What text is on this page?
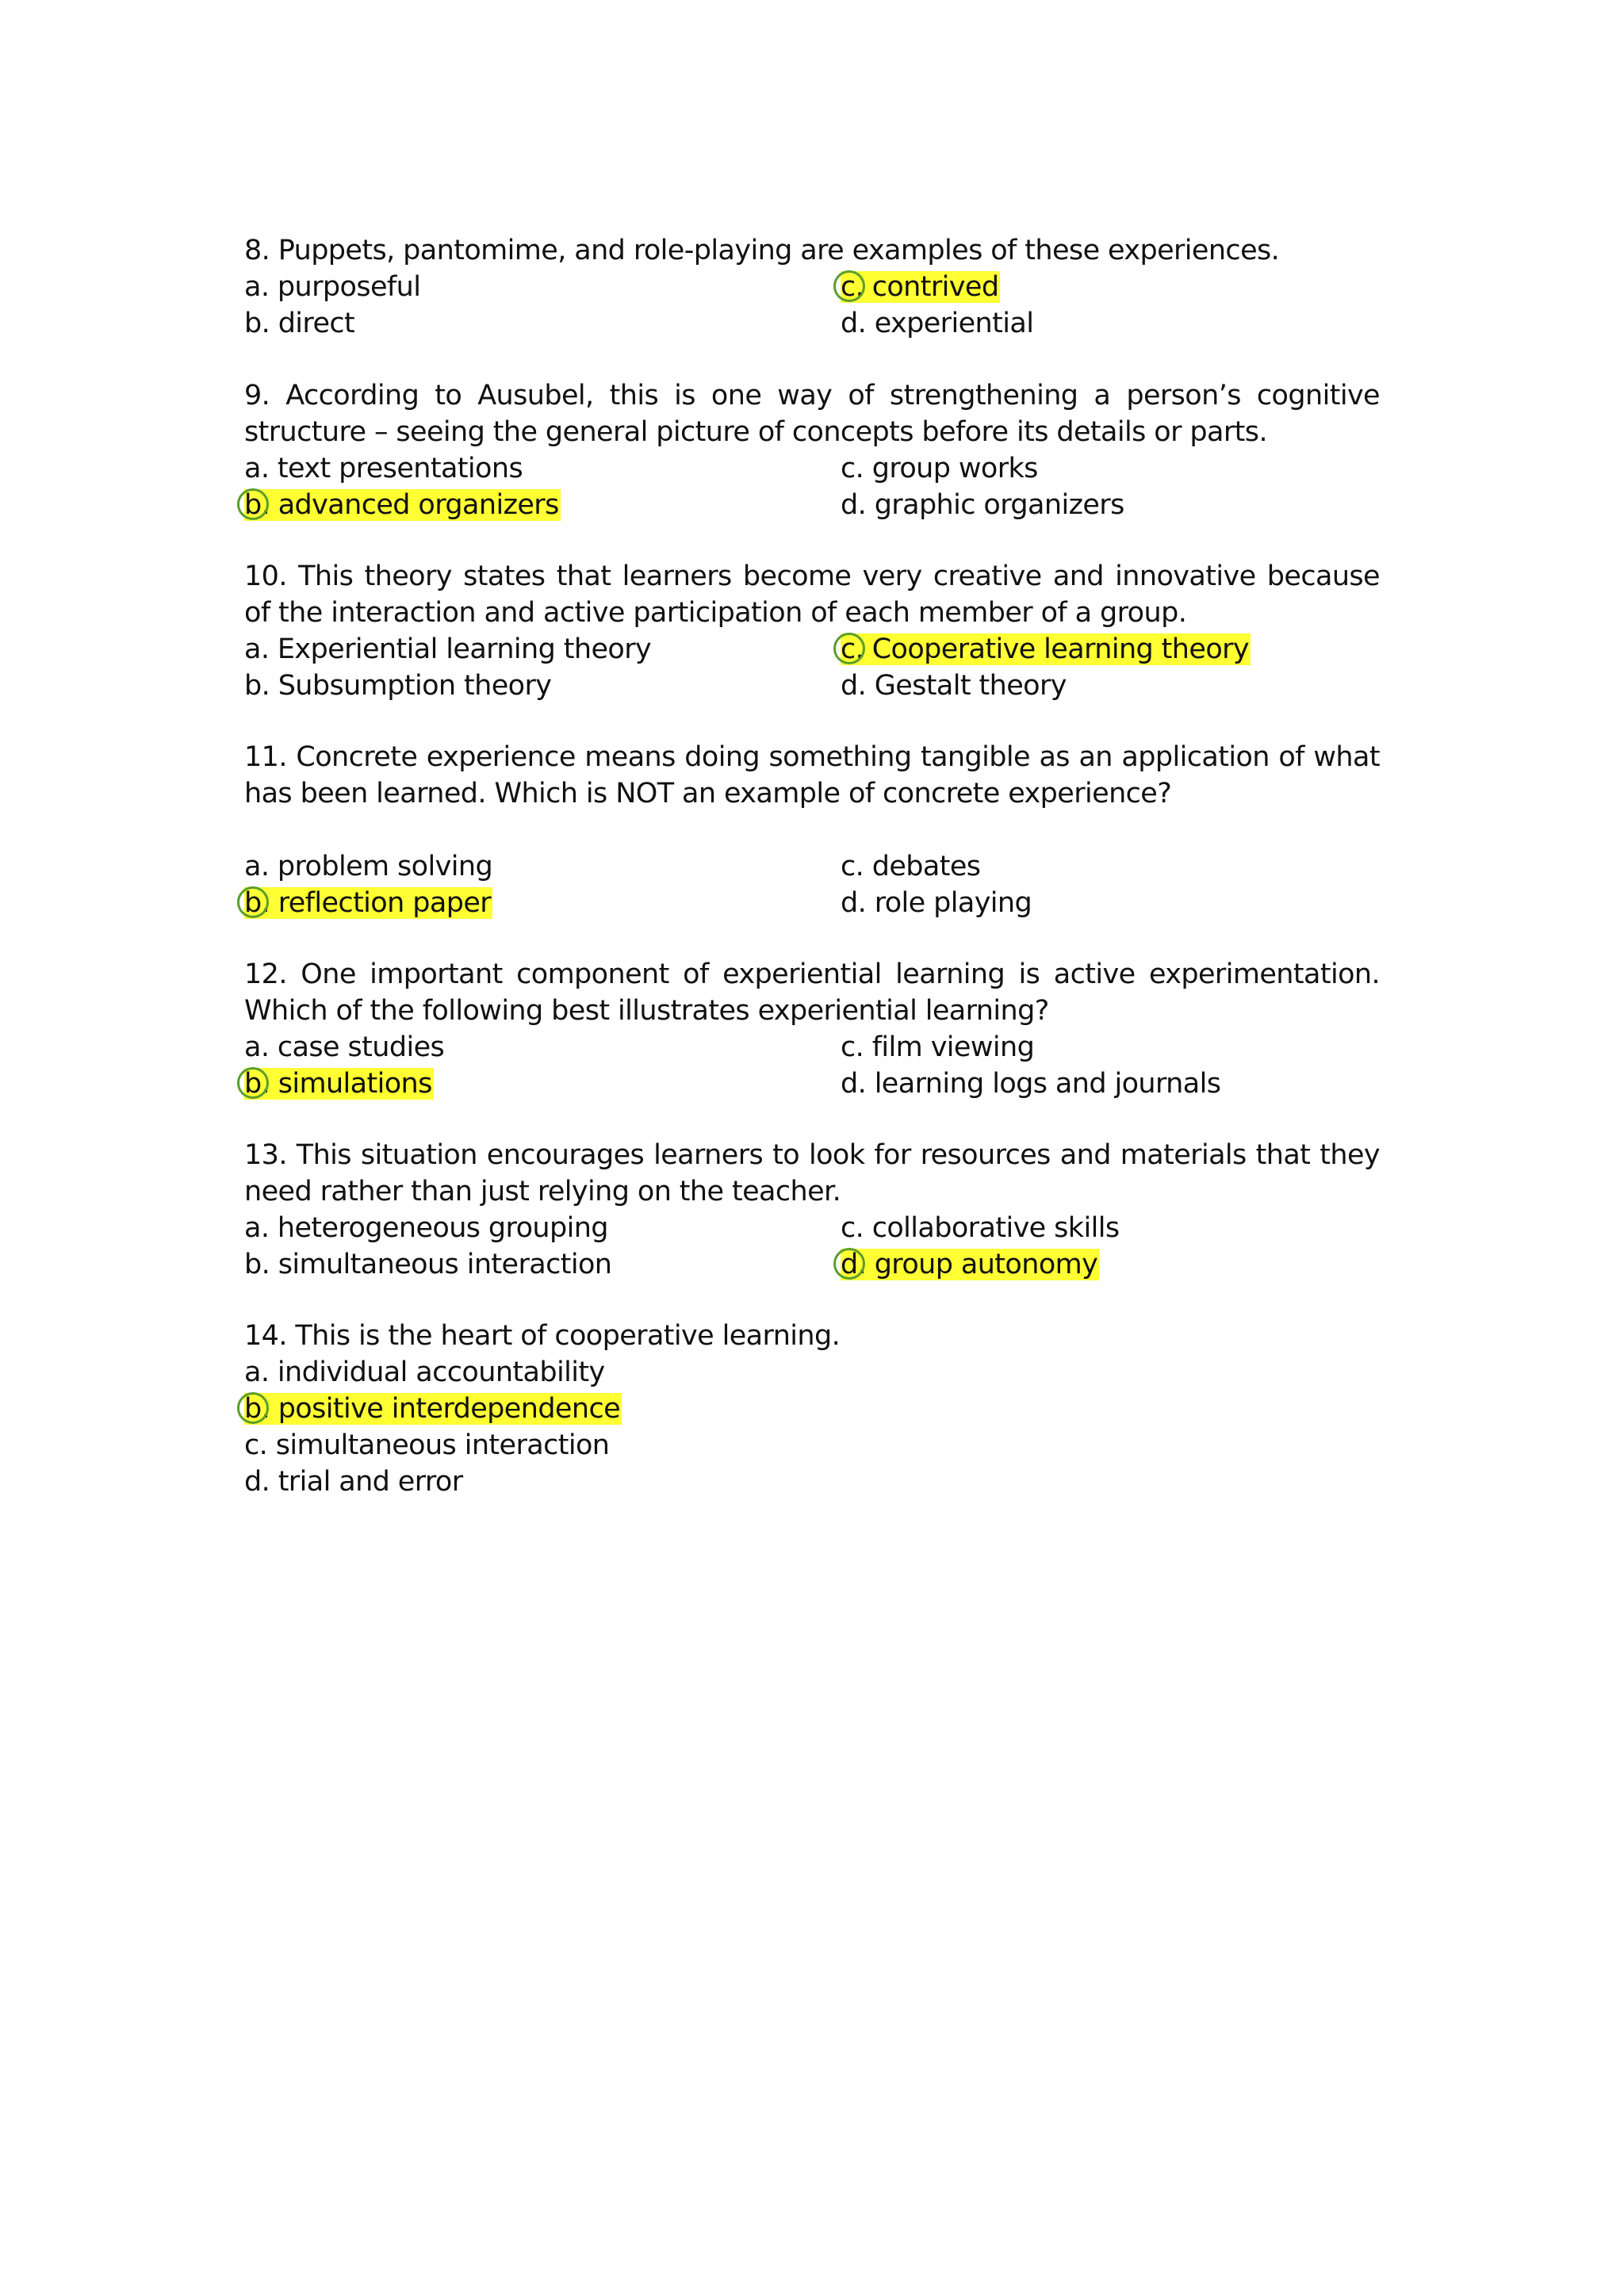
8. Puppets, pantomime, and role-playing are examples of these experiences.

a. purposeful	c. contrived
b. direct	d. experiential

9. According to Ausubel, this is one way of strengthening a person’s cognitive structure – seeing the general picture of concepts before its details or parts.

a. text presentations	c. group works
b. advanced organizers	d. graphic organizers

10. This theory states that learners become very creative and innovative because of the interaction and active participation of each member of a group.

a. Experiential learning theory	c. Cooperative learning theory
b. Subsumption theory	d. Gestalt theory

11. Concrete experience means doing something tangible as an application of what has been learned. Which is NOT an example of concrete experience?

a. problem solving	c. debates
b. reflection paper	d. role playing

12. One important component of experiential learning is active experimentation. Which of the following best illustrates experiential learning?

a. case studies	c. film viewing
b. simulations	d. learning logs and journals

13. This situation encourages learners to look for resources and materials that they need rather than just relying on the teacher.

a. heterogeneous grouping	c. collaborative skills
b. simultaneous interaction	d. group autonomy

14. This is the heart of cooperative learning.

a. individual accountability
b. positive interdependence
c. simultaneous interaction
d. trial and error
